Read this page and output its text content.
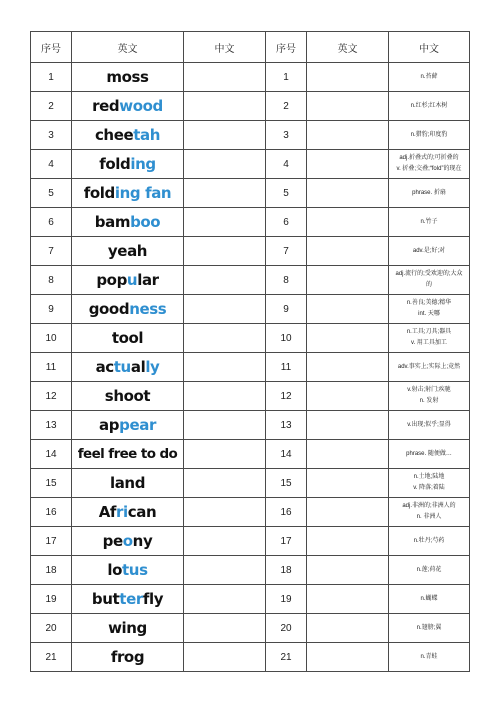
序号	英文	中文	序号	英文	中文
1	moss		1		n.苔藓

2	redwood		2		n.红杉;红木树

3	cheetah		3		n.猎豹;印度豹

4	folding		4		adj.折叠式的;可折叠的
v. 折叠;交叠;“fold”的现在

5	folding fan		5		phrase. 折扇

6	bamboo		6		n.竹子

7	yeah		7		adv.是;好;对

8	popular		8		adj.流行的;受欢迎的;大众
的

9	goodness		9		n.善良;美德;精华
int. 天哪

10	tool		10		n.工具;刀具;器具
v. 用工具加工

11	actually		11		adv.事实上;实际上;竟然

12	shoot		12		v.射击;射门;疾驰
n. 发射

13	appear		13		v.出现;似乎;显得

14	feel free to do		14		phrase. 随便做…

15	land		15		n.土地;陆地
v. 降落;着陆

16	African		16		adj.非洲的;非洲人的
n. 非洲人

17	peony		17		n.牡丹;芍药

18	lotus		18		n.莲;荷花

19	butterfly		19		n.蝴蝶

20	wing		20		n.翅膀;翼

21	frog		21		n.青蛙
